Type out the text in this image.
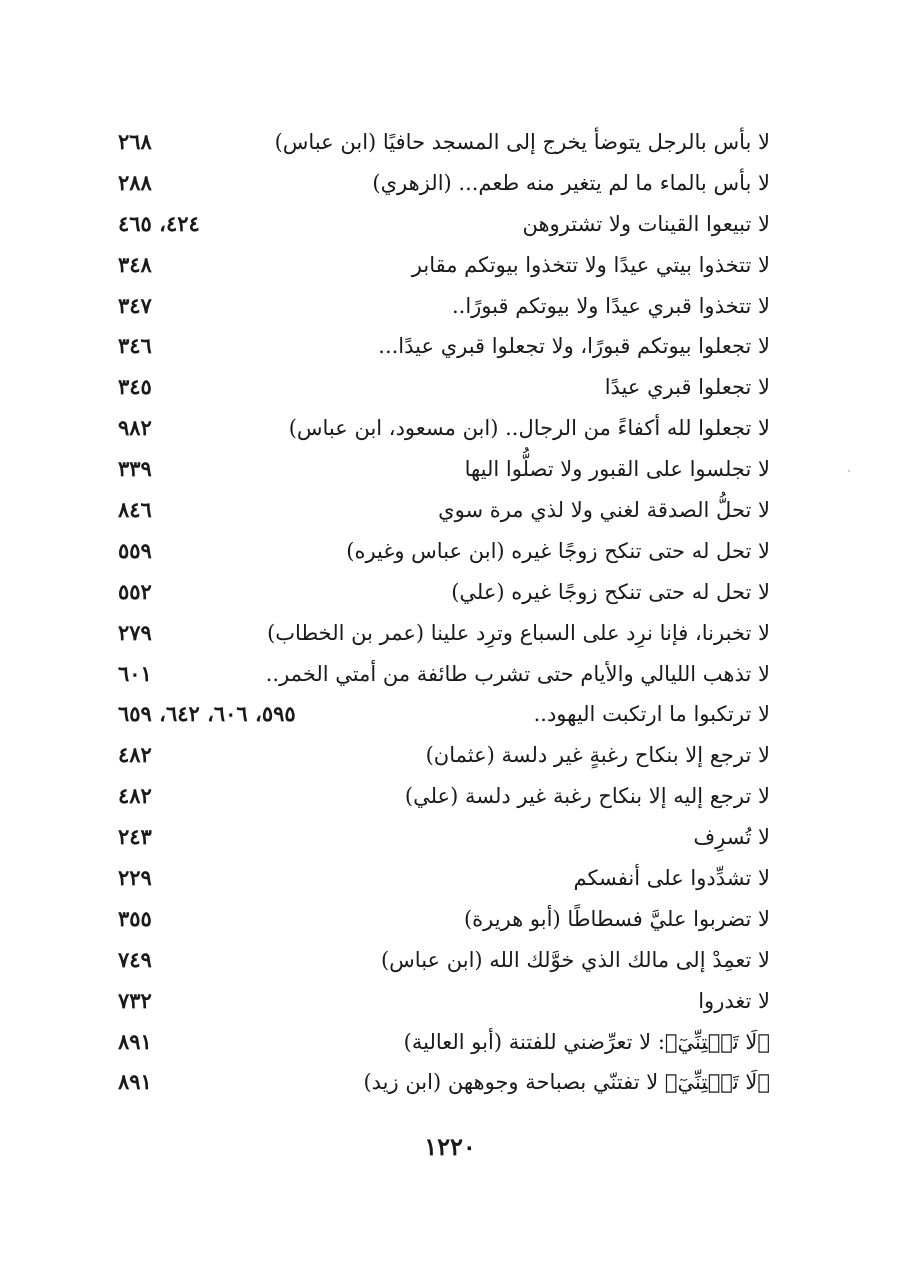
لا بأس بالرجل يتوضأ يخرج إلى المسجد حافيًا (ابن عباس)
٢٦٨
لا بأس بالماء ما لم يتغير منه طعم... (الزهري)
٢٨٨
لا تبيعوا القينات ولا تشتروهن
٤٢٤، ٤٦٥
لا تتخذوا بيتي عيدًا ولا تتخذوا بيوتكم مقابر
٣٤٨
لا تتخذوا قبري عيدًا ولا بيوتكم قبورًا..
٣٤٧
لا تجعلوا بيوتكم قبورًا، ولا تجعلوا قبري عيدًا...
٣٤٦
لا تجعلوا قبري عيدًا
٣٤٥
لا تجعلوا لله أكفاءً من الرجال.. (ابن مسعود، ابن عباس)
٩٨٢
لا تجلسوا على القبور ولا تصلُّوا اليها
٣٣٩
لا تحلُّ الصدقة لغني ولا لذي مرة سوي
٨٤٦
لا تحل له حتى تنكح زوجًا غيره (ابن عباس وغيره)
٥٥٩
لا تحل له حتى تنكح زوجًا غيره (علي)
٥٥٢
لا تخبرنا، فإنا نرِد على السباع وترِد علينا (عمر بن الخطاب)
٢٧٩
لا تذهب الليالي والأيام حتى تشرب طائفة من أمتي الخمر..
٦٠١
لا ترتكبوا ما ارتكبت اليهود..
٥٩٥، ٦٠٦، ٦٤٢، ٦٥٩
لا ترجع إلا بنكاح رغبةٍ غير دلسة (عثمان)
٤٨٢
لا ترجع إليه إلا بنكاح رغبة غير دلسة (علي)
٤٨٢
لا تُسرِف
٢٤٣
لا تشدِّدوا على أنفسكم
٢٢٩
لا تضربوا عليَّ فسطاطًا (أبو هريرة)
٣٥٥
لا تعمِدْ إلى مالك الذي خوَّلك الله (ابن عباس)
٧٤٩
لا تغدروا
٧٣٢
﴿لَا تَفۡتِنِّيٓ﴾: لا تعرِّضني للفتنة (أبو العالية)
٨٩١
﴿لَا تَفۡتِنِّيٓ﴾ لا تفتنّي بصباحة وجوههن (ابن زيد)
٨٩١
١٢٢٠
